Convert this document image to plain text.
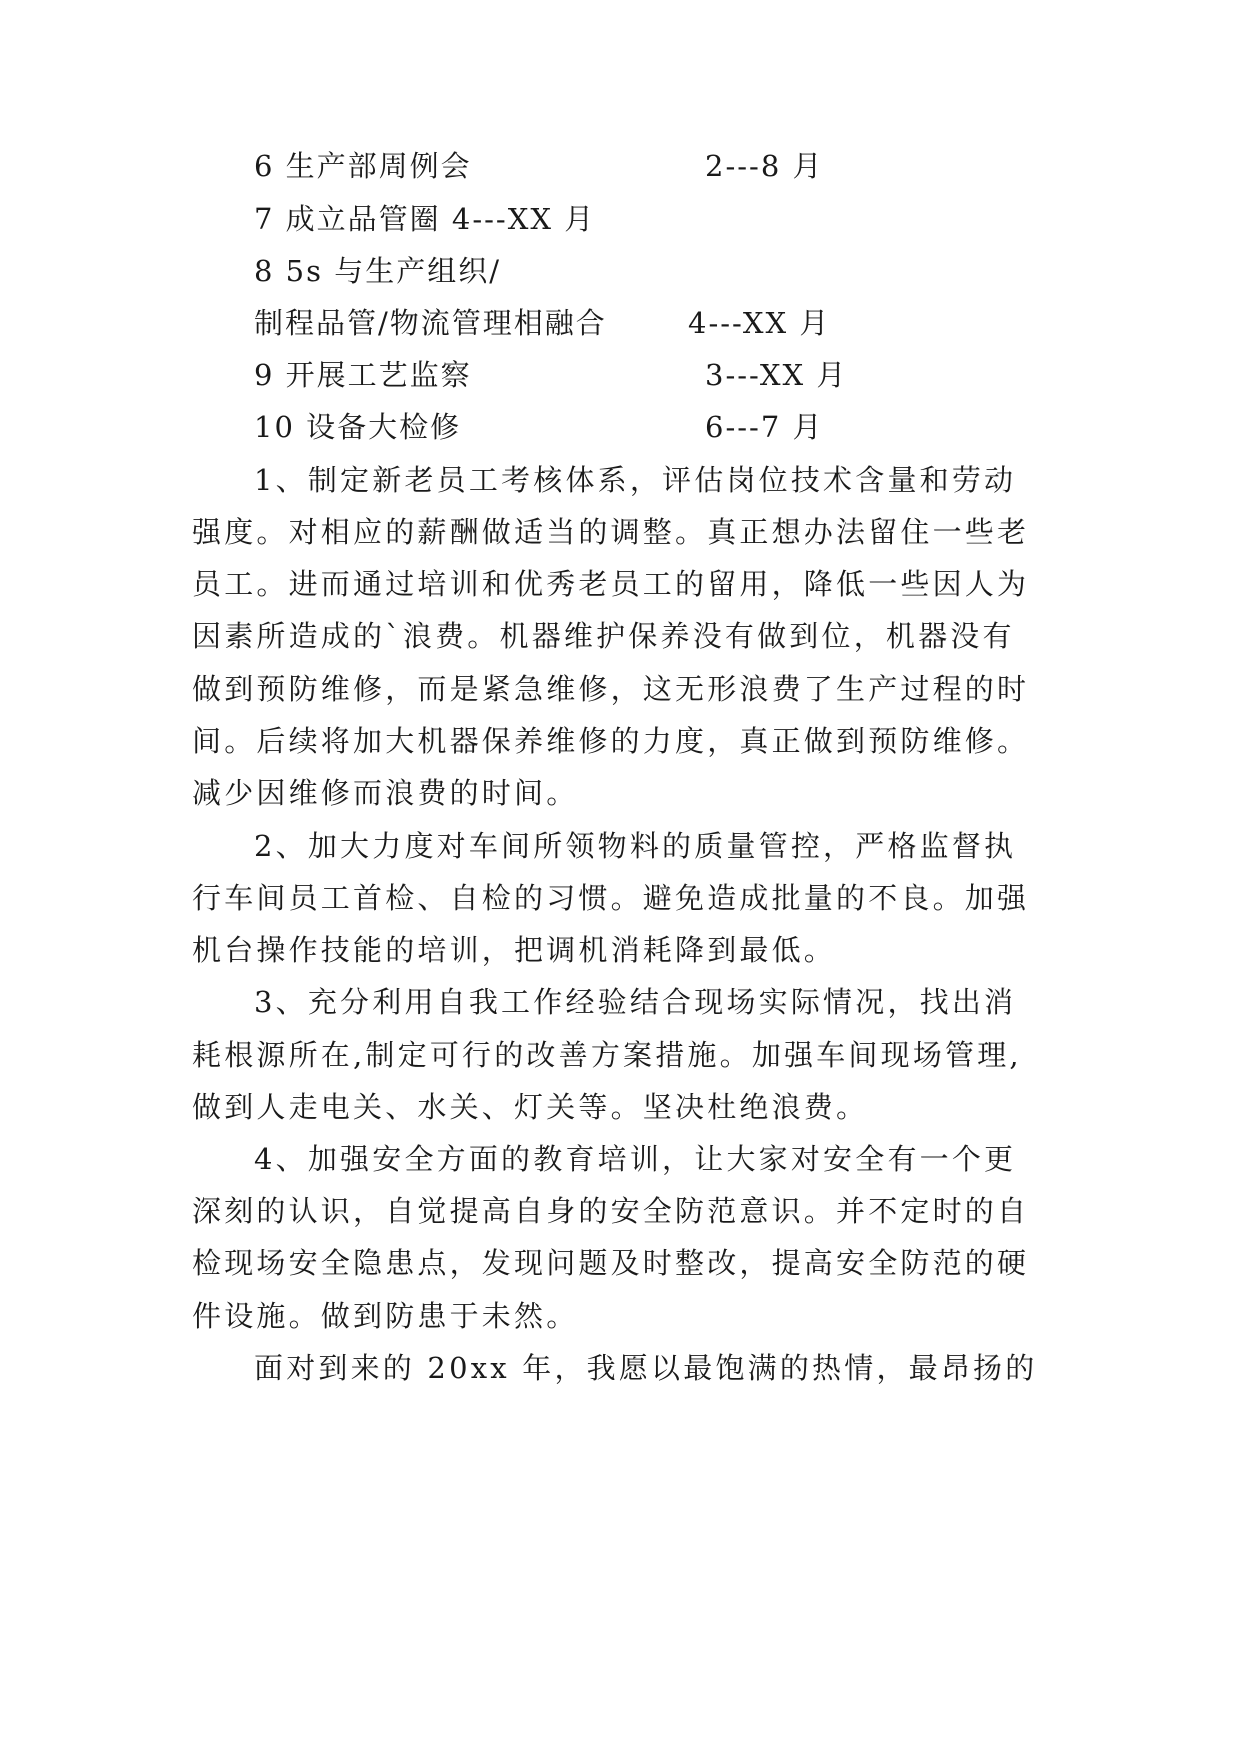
6 生产部周例会	2---8 月
7 成立品管圈 4---XX 月
8 5s 与生产组织/
制程品管/物流管理相融合	4---XX 月
9 开展工艺监察	3---XX 月
10 设备大检修	6---7 月
1、制定新老员工考核体系，评估岗位技术含量和劳动
强度。对相应的薪酬做适当的调整。真正想办法留住一些老
员工。进而通过培训和优秀老员工的留用，降低一些因人为
因素所造成的`浪费。机器维护保养没有做到位，机器没有
做到预防维修，而是紧急维修，这无形浪费了生产过程的时
间。后续将加大机器保养维修的力度，真正做到预防维修。
减少因维修而浪费的时间。
2、加大力度对车间所领物料的质量管控，严格监督执
行车间员工首检、自检的习惯。避免造成批量的不良。加强
机台操作技能的培训，把调机消耗降到最低。
3、充分利用自我工作经验结合现场实际情况，找出消
耗根源所在,制定可行的改善方案措施。加强车间现场管理,
做到人走电关、水关、灯关等。坚决杜绝浪费。
4、加强安全方面的教育培训，让大家对安全有一个更
深刻的认识，自觉提高自身的安全防范意识。并不定时的自
检现场安全隐患点，发现问题及时整改，提高安全防范的硬
件设施。做到防患于未然。
面对到来的 20xx 年，我愿以最饱满的热情，最昂扬的
